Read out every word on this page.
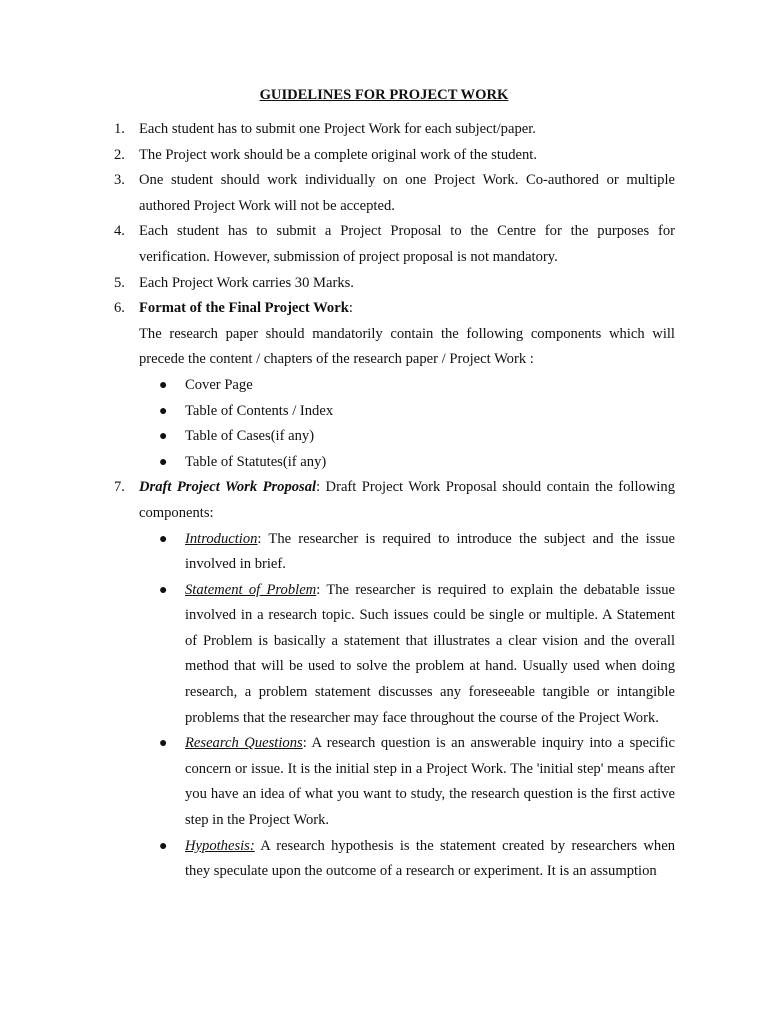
GUIDELINES FOR PROJECT WORK
1. Each student has to submit one Project Work for each subject/paper.
2. The Project work should be a complete original work of the student.
3. One student should work individually on one Project Work. Co-authored or multiple authored Project Work will not be accepted.
4. Each student has to submit a Project Proposal to the Centre for the purposes for verification. However, submission of project proposal is not mandatory.
5. Each Project Work carries 30 Marks.
6. Format of the Final Project Work:
The research paper should mandatorily contain the following components which will precede the content / chapters of the research paper / Project Work :
● Cover Page
● Table of Contents / Index
● Table of Cases(if any)
● Table of Statutes(if any)
7. Draft Project Work Proposal: Draft Project Work Proposal should contain the following components:
● Introduction: The researcher is required to introduce the subject and the issue involved in brief.
● Statement of Problem: The researcher is required to explain the debatable issue involved in a research topic. Such issues could be single or multiple. A Statement of Problem is basically a statement that illustrates a clear vision and the overall method that will be used to solve the problem at hand. Usually used when doing research, a problem statement discusses any foreseeable tangible or intangible problems that the researcher may face throughout the course of the Project Work.
● Research Questions: A research question is an answerable inquiry into a specific concern or issue. It is the initial step in a Project Work. The 'initial step' means after you have an idea of what you want to study, the research question is the first active step in the Project Work.
● Hypothesis: A research hypothesis is the statement created by researchers when they speculate upon the outcome of a research or experiment. It is an assumption
